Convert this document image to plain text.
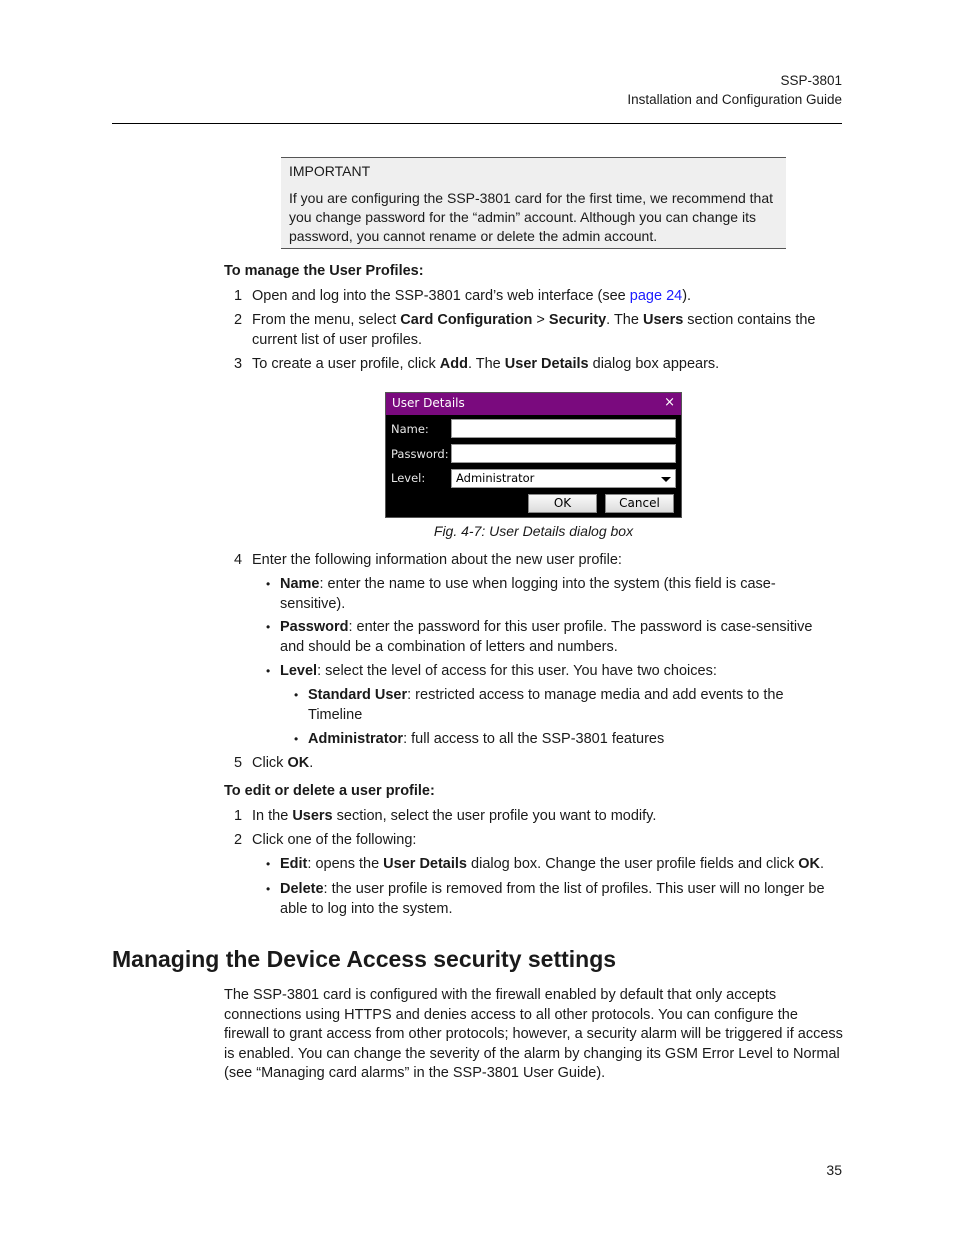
SSP-3801
Installation and Configuration Guide
IMPORTANT
If you are configuring the SSP-3801 card for the first time, we recommend that you change password for the “admin” account. Although you can change its password, you cannot rename or delete the admin account.
To manage the User Profiles:
1 Open and log into the SSP-3801 card’s web interface (see page 24).
2 From the menu, select Card Configuration > Security. The Users section contains the current list of user profiles.
3 To create a user profile, click Add. The User Details dialog box appears.
User Details	×
Name:
Password:
Level:	Administrator
OK	Cancel
Fig. 4-7: User Details dialog box
4 Enter the following information about the new user profile:
• Name: enter the name to use when logging into the system (this field is case-sensitive).
• Password: enter the password for this user profile. The password is case-sensitive and should be a combination of letters and numbers.
• Level: select the level of access for this user. You have two choices:
• Standard User: restricted access to manage media and add events to the Timeline
• Administrator: full access to all the SSP-3801 features
5 Click OK.
To edit or delete a user profile:
1 In the Users section, select the user profile you want to modify.
2 Click one of the following:
• Edit: opens the User Details dialog box. Change the user profile fields and click OK.
• Delete: the user profile is removed from the list of profiles. This user will no longer be able to log into the system.
Managing the Device Access security settings
The SSP-3801 card is configured with the firewall enabled by default that only accepts connections using HTTPS and denies access to all other protocols. You can configure the firewall to grant access from other protocols; however, a security alarm will be triggered if access is enabled. You can change the severity of the alarm by changing its GSM Error Level to Normal (see “Managing card alarms” in the SSP-3801 User Guide).
35
